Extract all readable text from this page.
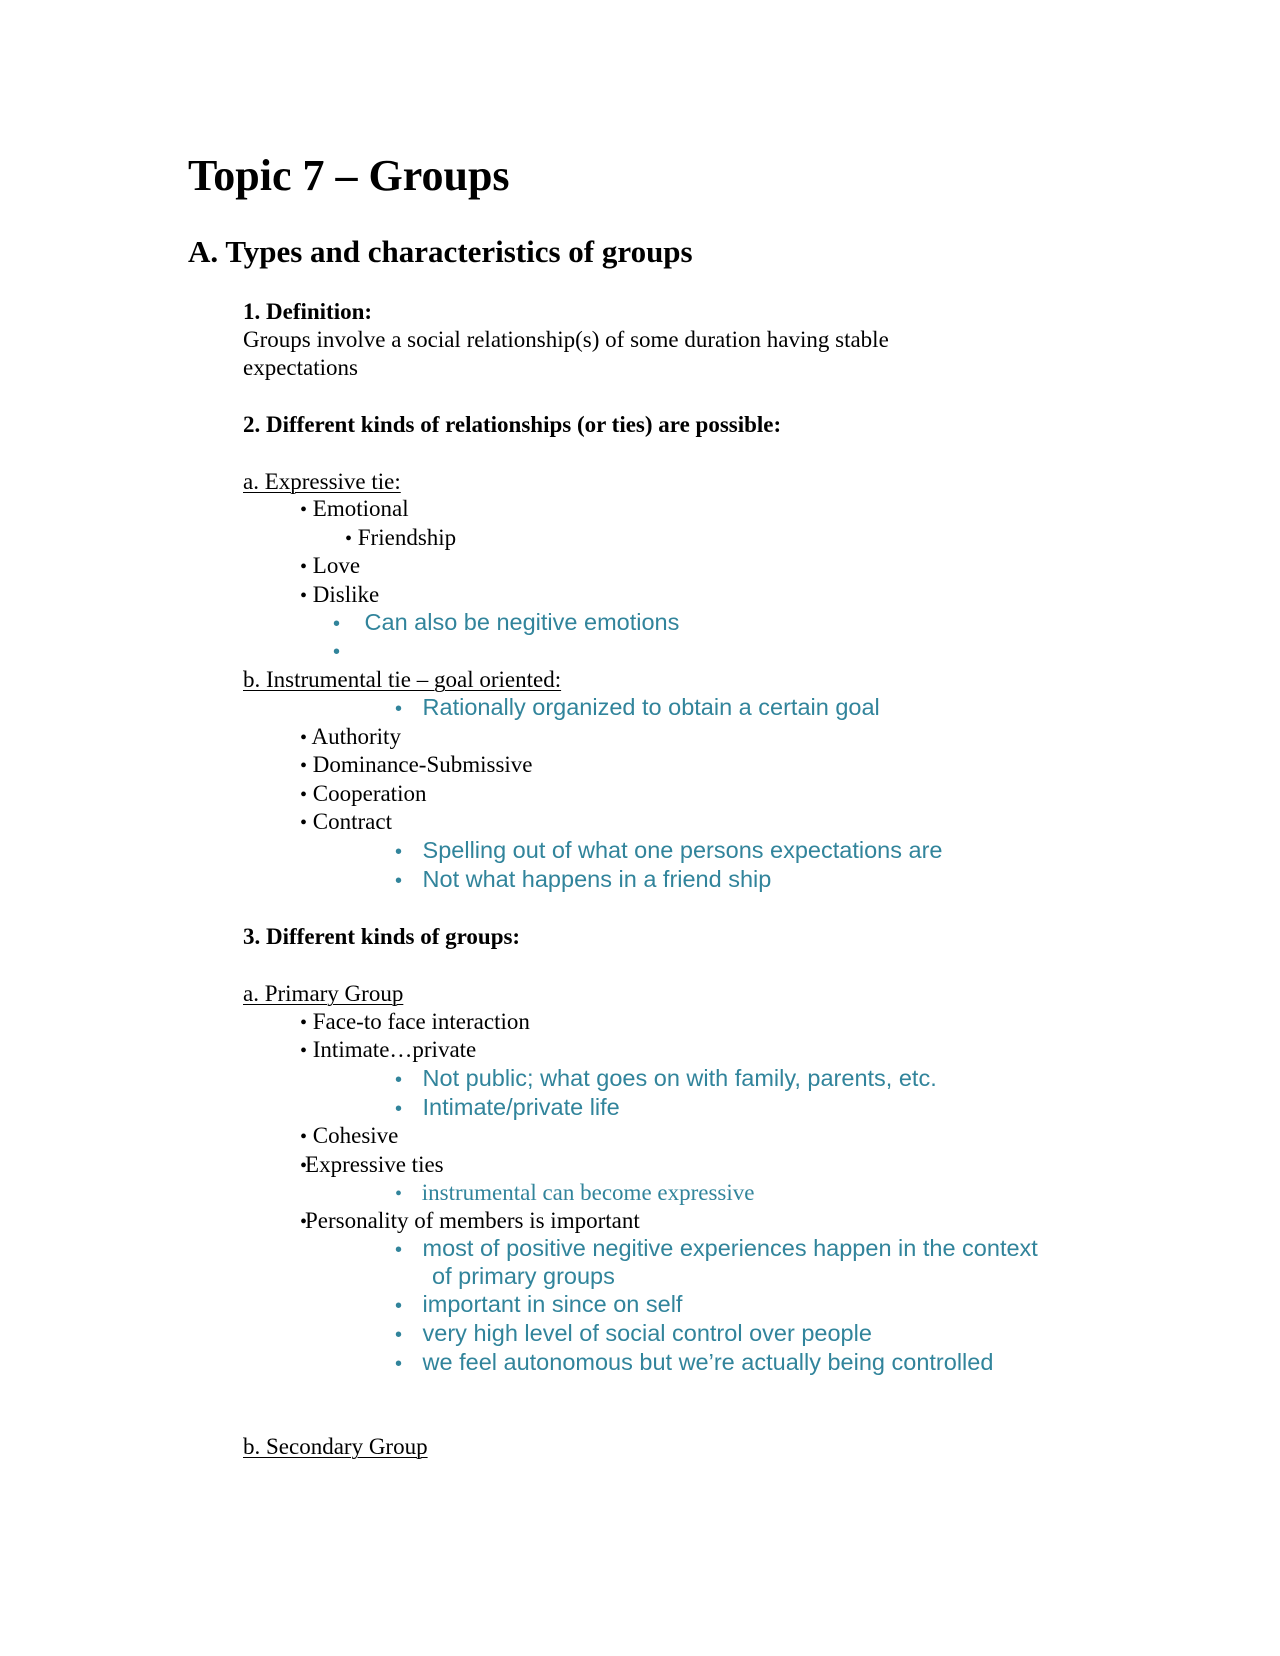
Topic 7 – Groups
A. Types and characteristics of groups
1. Definition:
Groups involve a social relationship(s) of some duration having stable
expectations
2. Different kinds of relationships (or ties) are possible:
a. Expressive tie:
• Emotional
• Friendship
• Love
• Dislike
• Can also be negitive emotions
•
b. Instrumental tie – goal oriented:
• Rationally organized to obtain a certain goal
• Authority
• Dominance-Submissive
• Cooperation
• Contract
• Spelling out of what one persons expectations are
• Not what happens in a friend ship
3. Different kinds of groups:
a. Primary Group
• Face-to face interaction
• Intimate…private
• Not public; what goes on with family, parents, etc.
• Intimate/private life
• Cohesive
•Expressive ties
• instrumental can become expressive
•Personality of members is important
• most of positive negitive experiences happen in the context
of primary groups
• important in since on self
• very high level of social control over people
• we feel autonomous but we’re actually being controlled
b. Secondary Group
